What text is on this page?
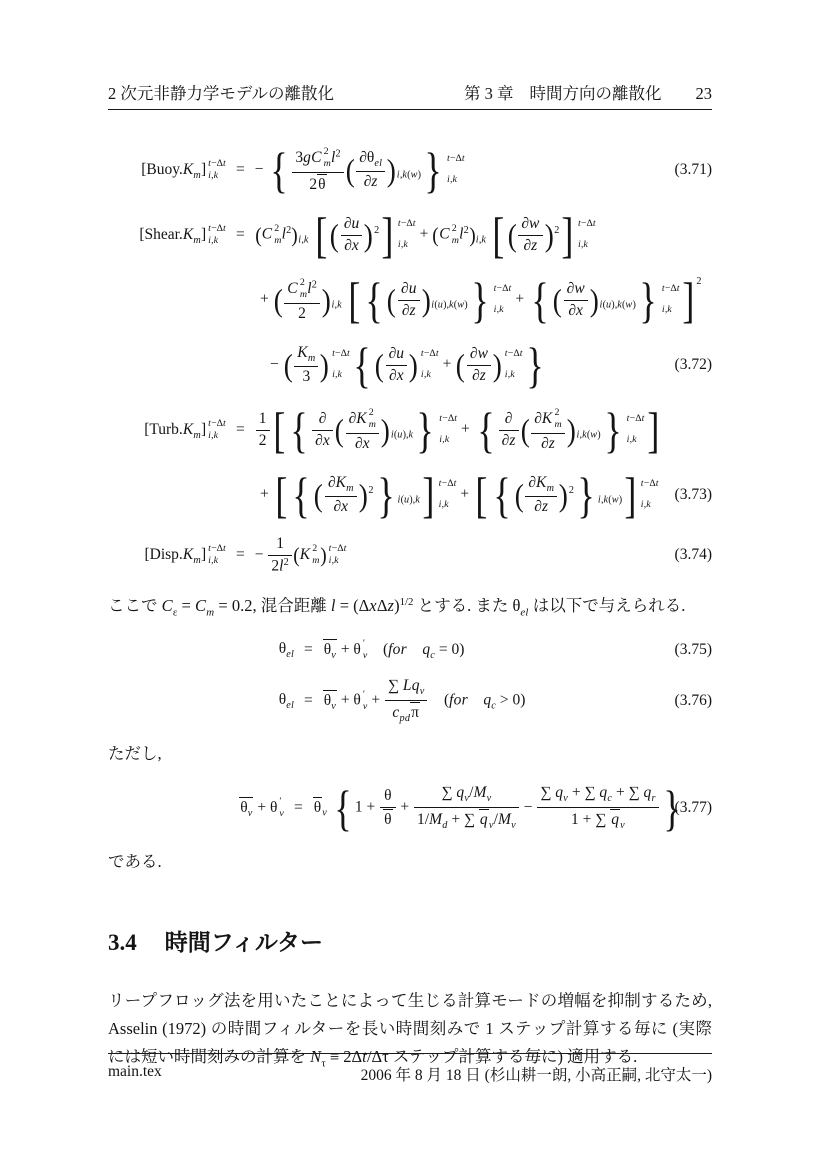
2 次元非静力学モデルの離散化	第 3 章 時間方向の離散化 23
$[Buoy.K_m]$ t−Δt
i,k	= − { 3gC 2
m $l^2$
2θ ( $\partial\theta_{el}$
∂z )$_{i,k(w)}$} t−Δt
i,k
(3.71)
$[Shear.K_m]$ t−Δt
i,k	= (C 2
m $l^2)_{i,k}$ [( $\frac{\partial u}{\partial x} )^2$] t−Δt
i,k
+ (C 2
m $l^2)_{i,k}$ [( $\frac{\partial w}{\partial z} )^2$] t−Δt
i,k
+ ( C 2
m $l^2$
2 )$_{i,k}$ [ { ( $\frac{\partial u}{\partial z} )_{i(u),k(w)}$} t−Δt
i,k
+ { ( $\frac{\partial w}{\partial x} )_{i(u),k(w)}$} t−Δt
i,k ] $^2$
− ( $\frac{K_m}{3}$ ) t−Δt
i,k { ( $\frac{\partial u}{\partial x}$ ) t−Δt
i,k
+ ( $\frac{\partial w}{\partial z}$ ) t−Δt
i,k }	(3.72)
$[Turb.K_m]$ t−Δt
i,k	= $\frac{1}{2}$ [ { ∂
∂x ( ∂K 2
m
∂x )$_{i(u),k}$} t−Δt
i,k
+ { ∂
∂z ( ∂K 2
m
∂z )$_{i,k(w)}$} t−Δt
i,k ]
+ [ { ( $\frac{\partial K_m}{\partial x} )^2$} $_{i(u),k}$] t−Δt
i,k
+ [ { ( $\frac{\partial K_m}{\partial z} )^2$} $_{i,k(w)}$] t−Δt
i,k
(3.73)
$[Disp.K_m]$ t−Δt
i,k	= − $\frac{1}{2l^2} (K$ 2
m ) t−Δt
i,k	(3.74)

ここで $C_\varepsilon = C_m = 0.2$, 混合距離 $l = (\Delta x\Delta z)^{1/2}$ とする. また $\theta_{el}$ は以下で与えられる.

$\theta_{el} = \theta_v + \theta$ ′
v   (for   $q_c = 0$)	(3.75)
$\theta_{el} = \theta_v + \theta$ ′
v +
∑ $Lq_v$
$c_{pd}\pi$
  (for   $q_c > 0$)	(3.76)

ただし,

$\theta_v + \theta$ ′
$v = \theta_v$ { $1 + \frac{\theta}{\theta} + \frac{\sum q_v/M_v}{1/M_d + \sum q_v/M_v} - \frac{\sum q_v + \sum q_c + \sum q_r}{1 + \sum q_v}$ }
(3.77)

である.

3.4 時間フィルター

リープフロッグ法を用いたことによって生じる計算モードの増幅を抑制するため, Asselin (1972) の時間フィルターを長い時間刻みで 1 ステップ計算する毎に (実際には短い時間刻みの計算を $N_\tau \equiv 2\Delta t/\Delta\tau$ ステップ計算する毎に) 適用する.

main.tex	2006 年 8 月 18 日 (杉山耕一朗, 小高正嗣, 北守太一)
